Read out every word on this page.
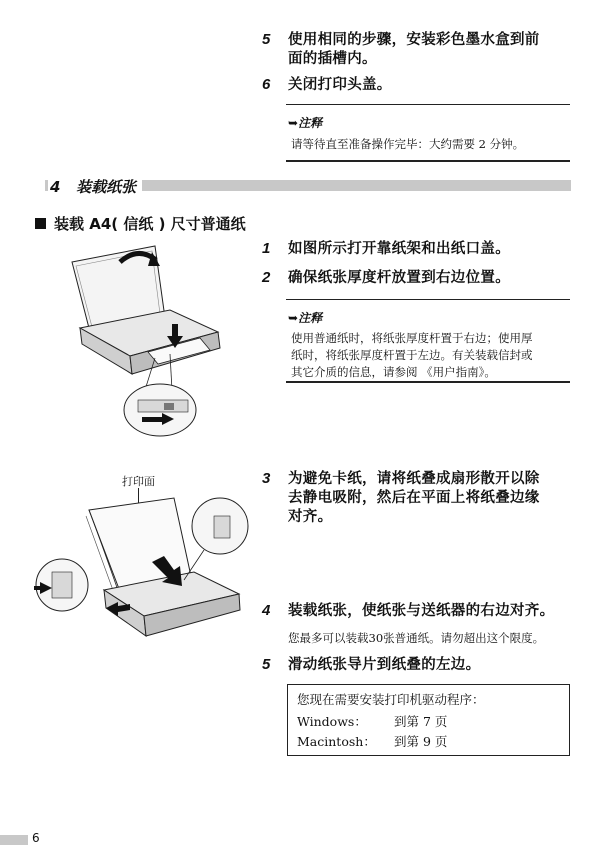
5 使用相同的步骤，安装彩色墨水盒到前
面的插槽内。
6 关闭打印头盖。
➥注释
请等待直至准备操作完毕：大约需要 2 分钟。
4 装载纸张
装载 A4( 信纸 ) 尺寸普通纸
1 如图所示打开靠纸架和出纸口盖。
2 确保纸张厚度杆放置到右边位置。
➥注释
使用普通纸时，将纸张厚度杆置于右边；使用厚
纸时，将纸张厚度杆置于左边。有关装载信封或
其它介质的信息，请参阅 《用户指南》。
打印面	3 为避免卡纸，请将纸叠成扇形散开以除
去静电吸附，然后在平面上将纸叠边缘
对齐。
4 装载纸张，使纸张与送纸器的右边对齐。
您最多可以装载30张普通纸。请勿超出这个限度。
5 滑动纸张导片到纸叠的左边。
您现在需要安装打印机驱动程序：
Windows： 到第 7 页
Macintosh： 到第 9 页
6
